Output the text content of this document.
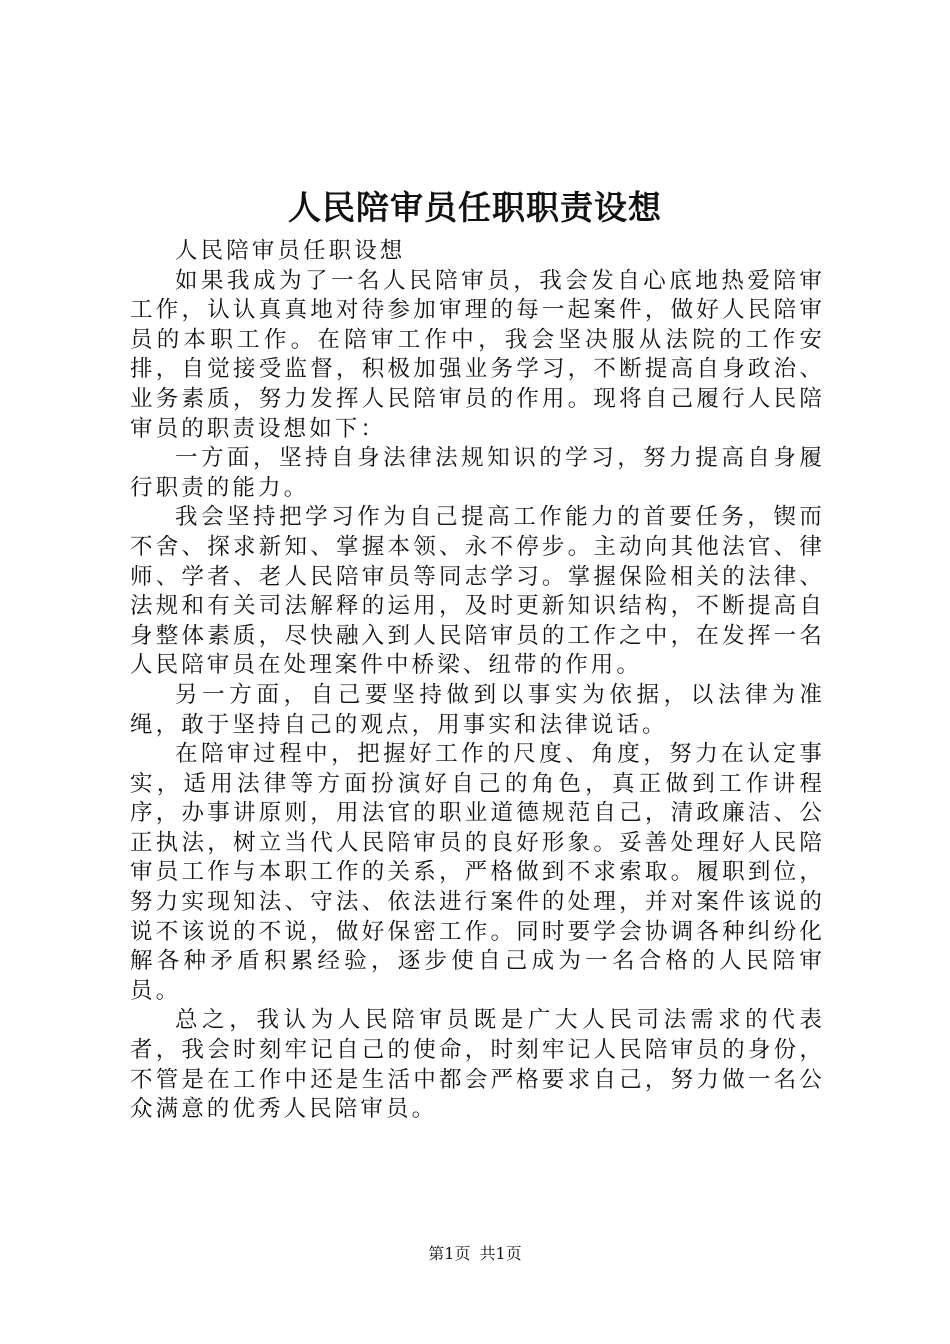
人民陪审员任职职责设想

人民陪审员任职设想

如果我成为了一名人民陪审员，我会发自心底地热爱陪审工作，认认真真地对待参加审理的每一起案件，做好人民陪审员的本职工作。在陪审工作中，我会坚决服从法院的工作安排，自觉接受监督，积极加强业务学习，不断提高自身政治、业务素质，努力发挥人民陪审员的作用。现将自己履行人民陪审员的职责设想如下：

一方面，坚持自身法律法规知识的学习，努力提高自身履行职责的能力。

我会坚持把学习作为自己提高工作能力的首要任务，锲而不舍、探求新知、掌握本领、永不停步。主动向其他法官、律师、学者、老人民陪审员等同志学习。掌握保险相关的法律、法规和有关司法解释的运用，及时更新知识结构，不断提高自身整体素质，尽快融入到人民陪审员的工作之中，在发挥一名人民陪审员在处理案件中桥梁、纽带的作用。

另一方面，自己要坚持做到以事实为依据，以法律为准绳，敢于坚持自己的观点，用事实和法律说话。

在陪审过程中，把握好工作的尺度、角度，努力在认定事实，适用法律等方面扮演好自己的角色，真正做到工作讲程序，办事讲原则，用法官的职业道德规范自己，清政廉洁、公正执法，树立当代人民陪审员的良好形象。妥善处理好人民陪审员工作与本职工作的关系，严格做到不求索取。履职到位，努力实现知法、守法、依法进行案件的处理，并对案件该说的说不该说的不说，做好保密工作。同时要学会协调各种纠纷化解各种矛盾积累经验，逐步使自己成为一名合格的人民陪审员。

总之，我认为人民陪审员既是广大人民司法需求的代表者，我会时刻牢记自己的使命，时刻牢记人民陪审员的身份，不管是在工作中还是生活中都会严格要求自己，努力做一名公众满意的优秀人民陪审员。

第1页 共1页
